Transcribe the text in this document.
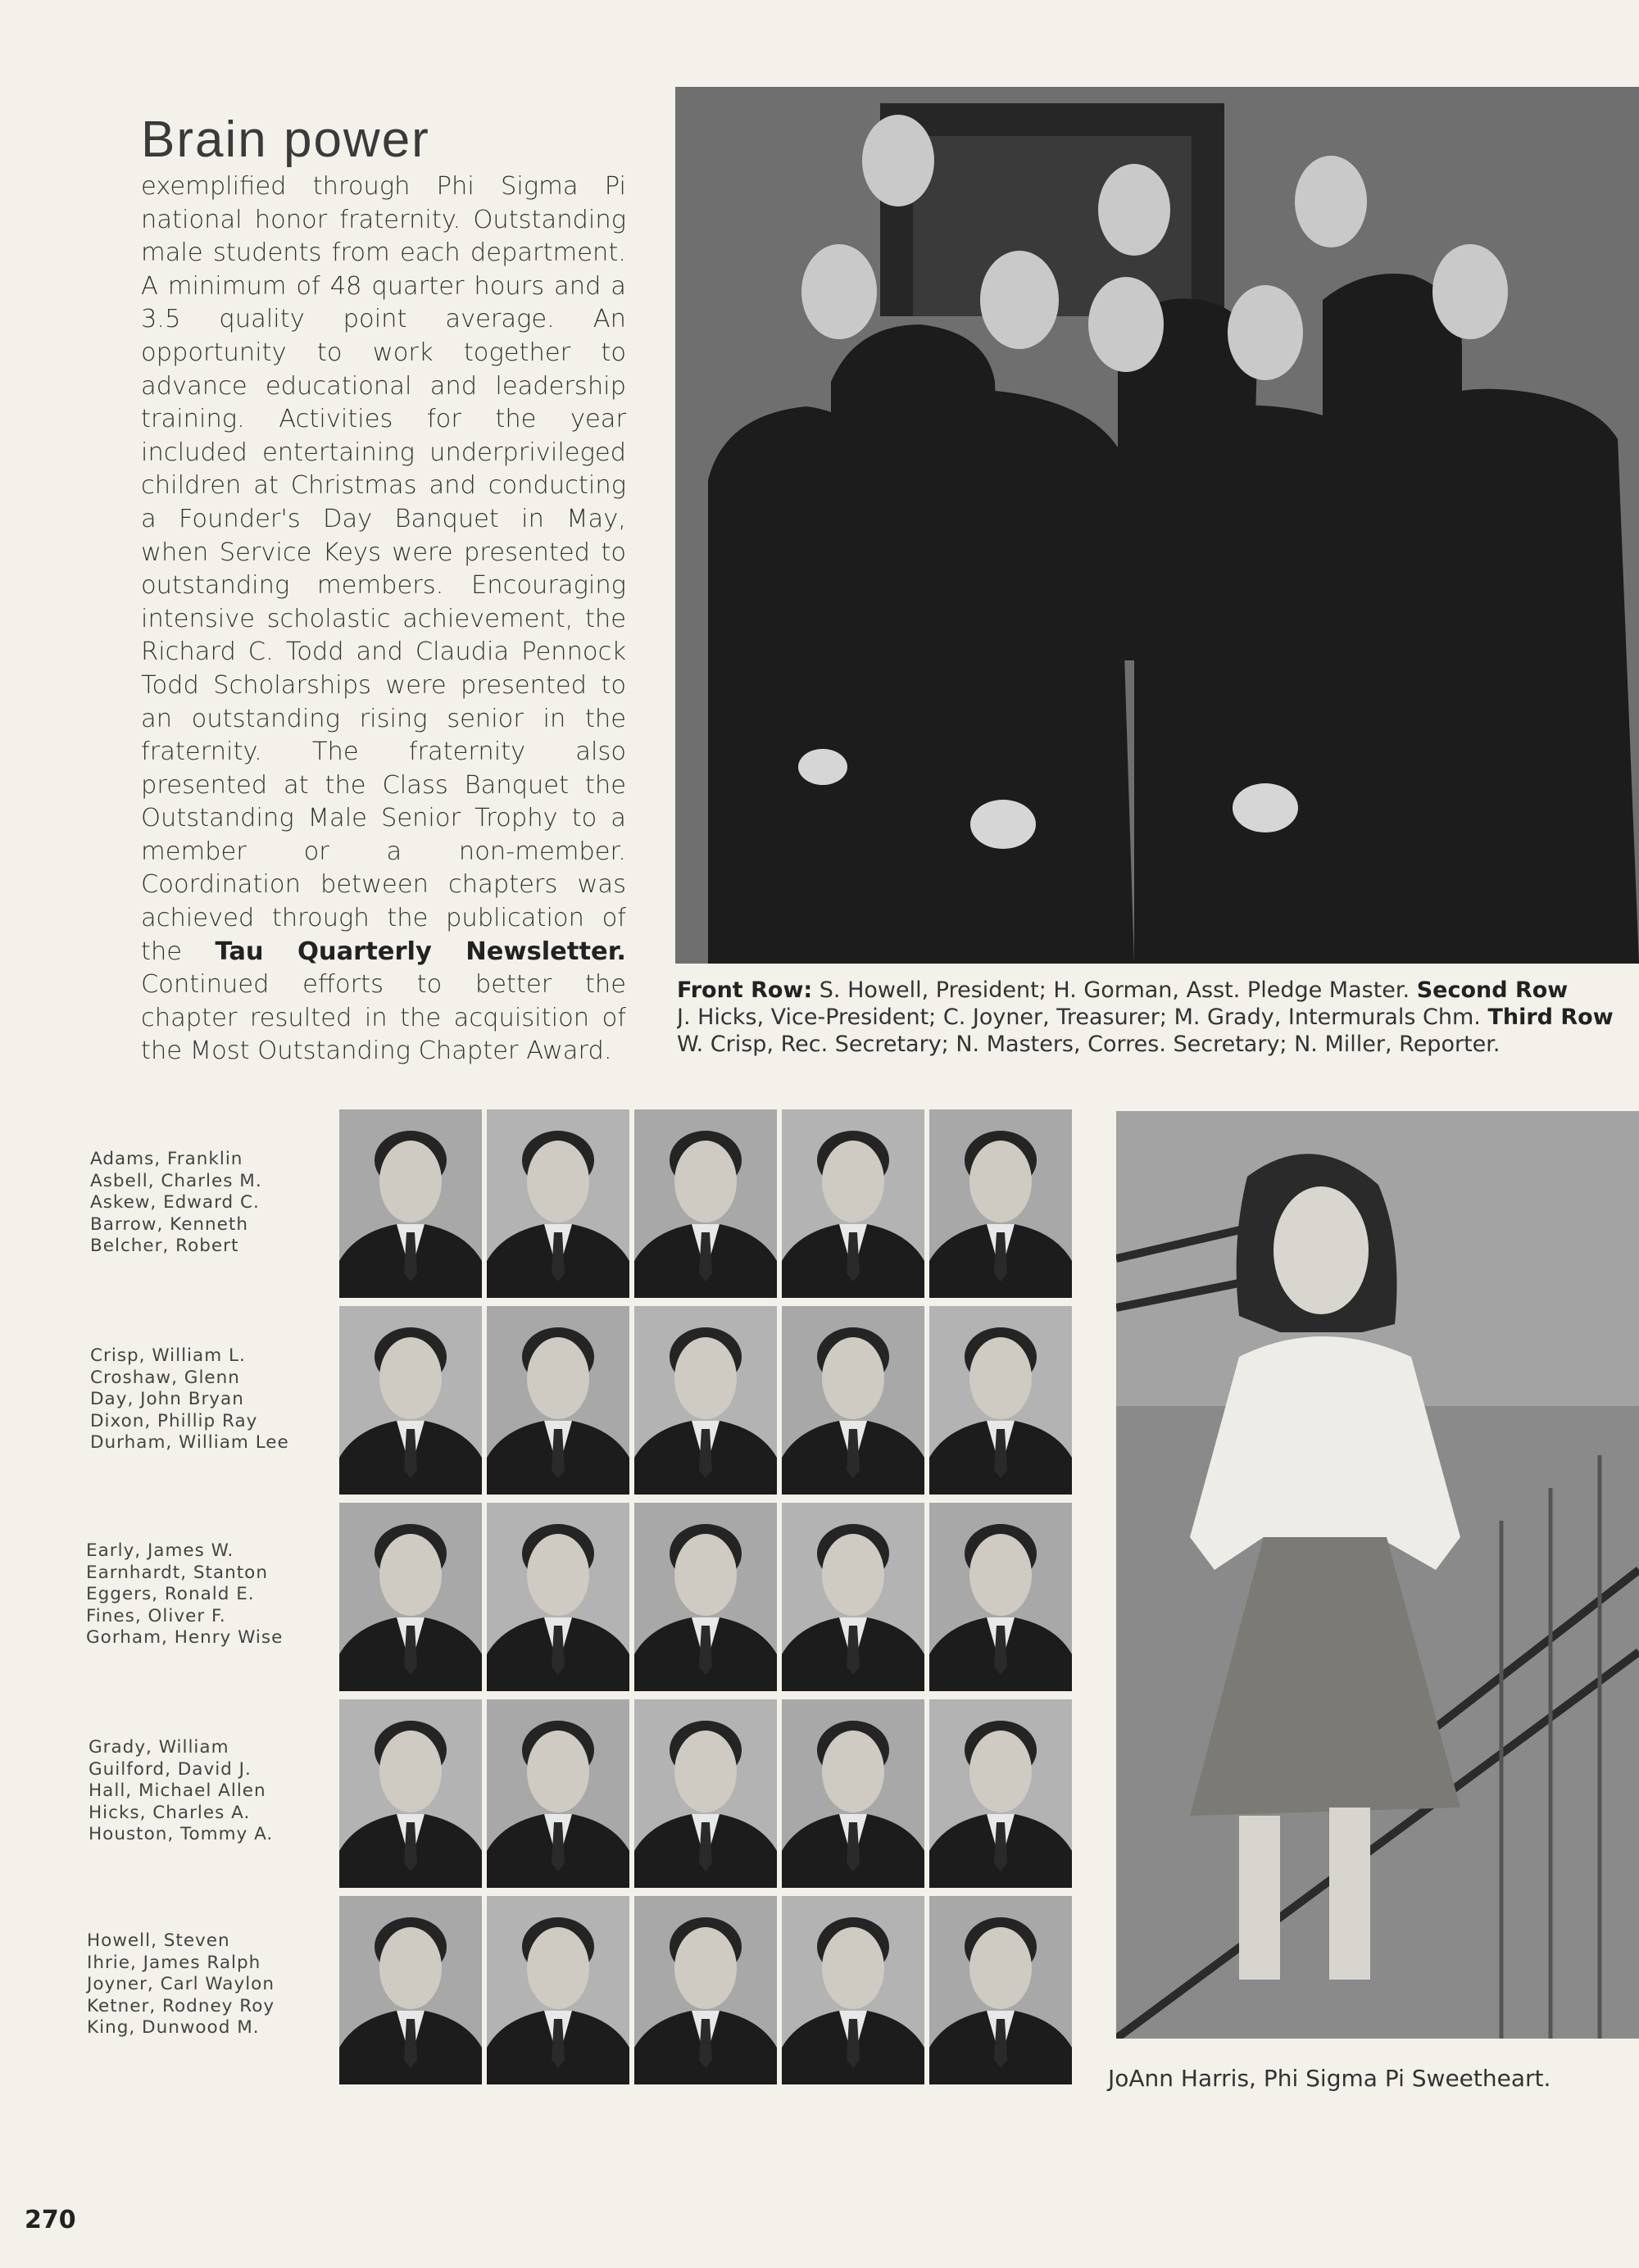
Brain power

exemplified through Phi Sigma Pi national honor fraternity. Outstanding male students from each department. A minimum of 48 quarter hours and a 3.5 quality point average. An opportunity to work together to advance educational and leadership training. Activities for the year included entertaining underprivileged children at Christmas and conducting a Founder's Day Banquet in May, when Service Keys were presented to outstanding members. Encouraging intensive scholastic achievement, the Richard C. Todd and Claudia Pennock Todd Scholarships were presented to an outstanding rising senior in the fraternity. The fraternity also presented at the Class Banquet the Outstanding Male Senior Trophy to a member or a non-member. Coordination between chapters was achieved through the publication of the Tau Quarterly Newsletter. Continued efforts to better the chapter resulted in the acquisition of the Most Outstanding Chapter Award.

Front Row: S. Howell, President; H. Gorman, Asst. Pledge Master. Second Row
J. Hicks, Vice-President; C. Joyner, Treasurer; M. Grady, Intermurals Chm. Third Row
W. Crisp, Rec. Secretary; N. Masters, Corres. Secretary; N. Miller, Reporter.
Adams, Franklin
Asbell, Charles M.
Askew, Edward C.
Barrow, Kenneth
Belcher, Robert
Crisp, William L.
Croshaw, Glenn
Day, John Bryan
Dixon, Phillip Ray
Durham, William Lee
Early, James W.
Earnhardt, Stanton
Eggers, Ronald E.
Fines, Oliver F.
Gorham, Henry Wise
Grady, William
Guilford, David J.
Hall, Michael Allen
Hicks, Charles A.
Houston, Tommy A.
Howell, Steven
Ihrie, James Ralph
Joyner, Carl Waylon
Ketner, Rodney Roy
King, Dunwood M.
JoAnn Harris, Phi Sigma Pi Sweetheart.
270
